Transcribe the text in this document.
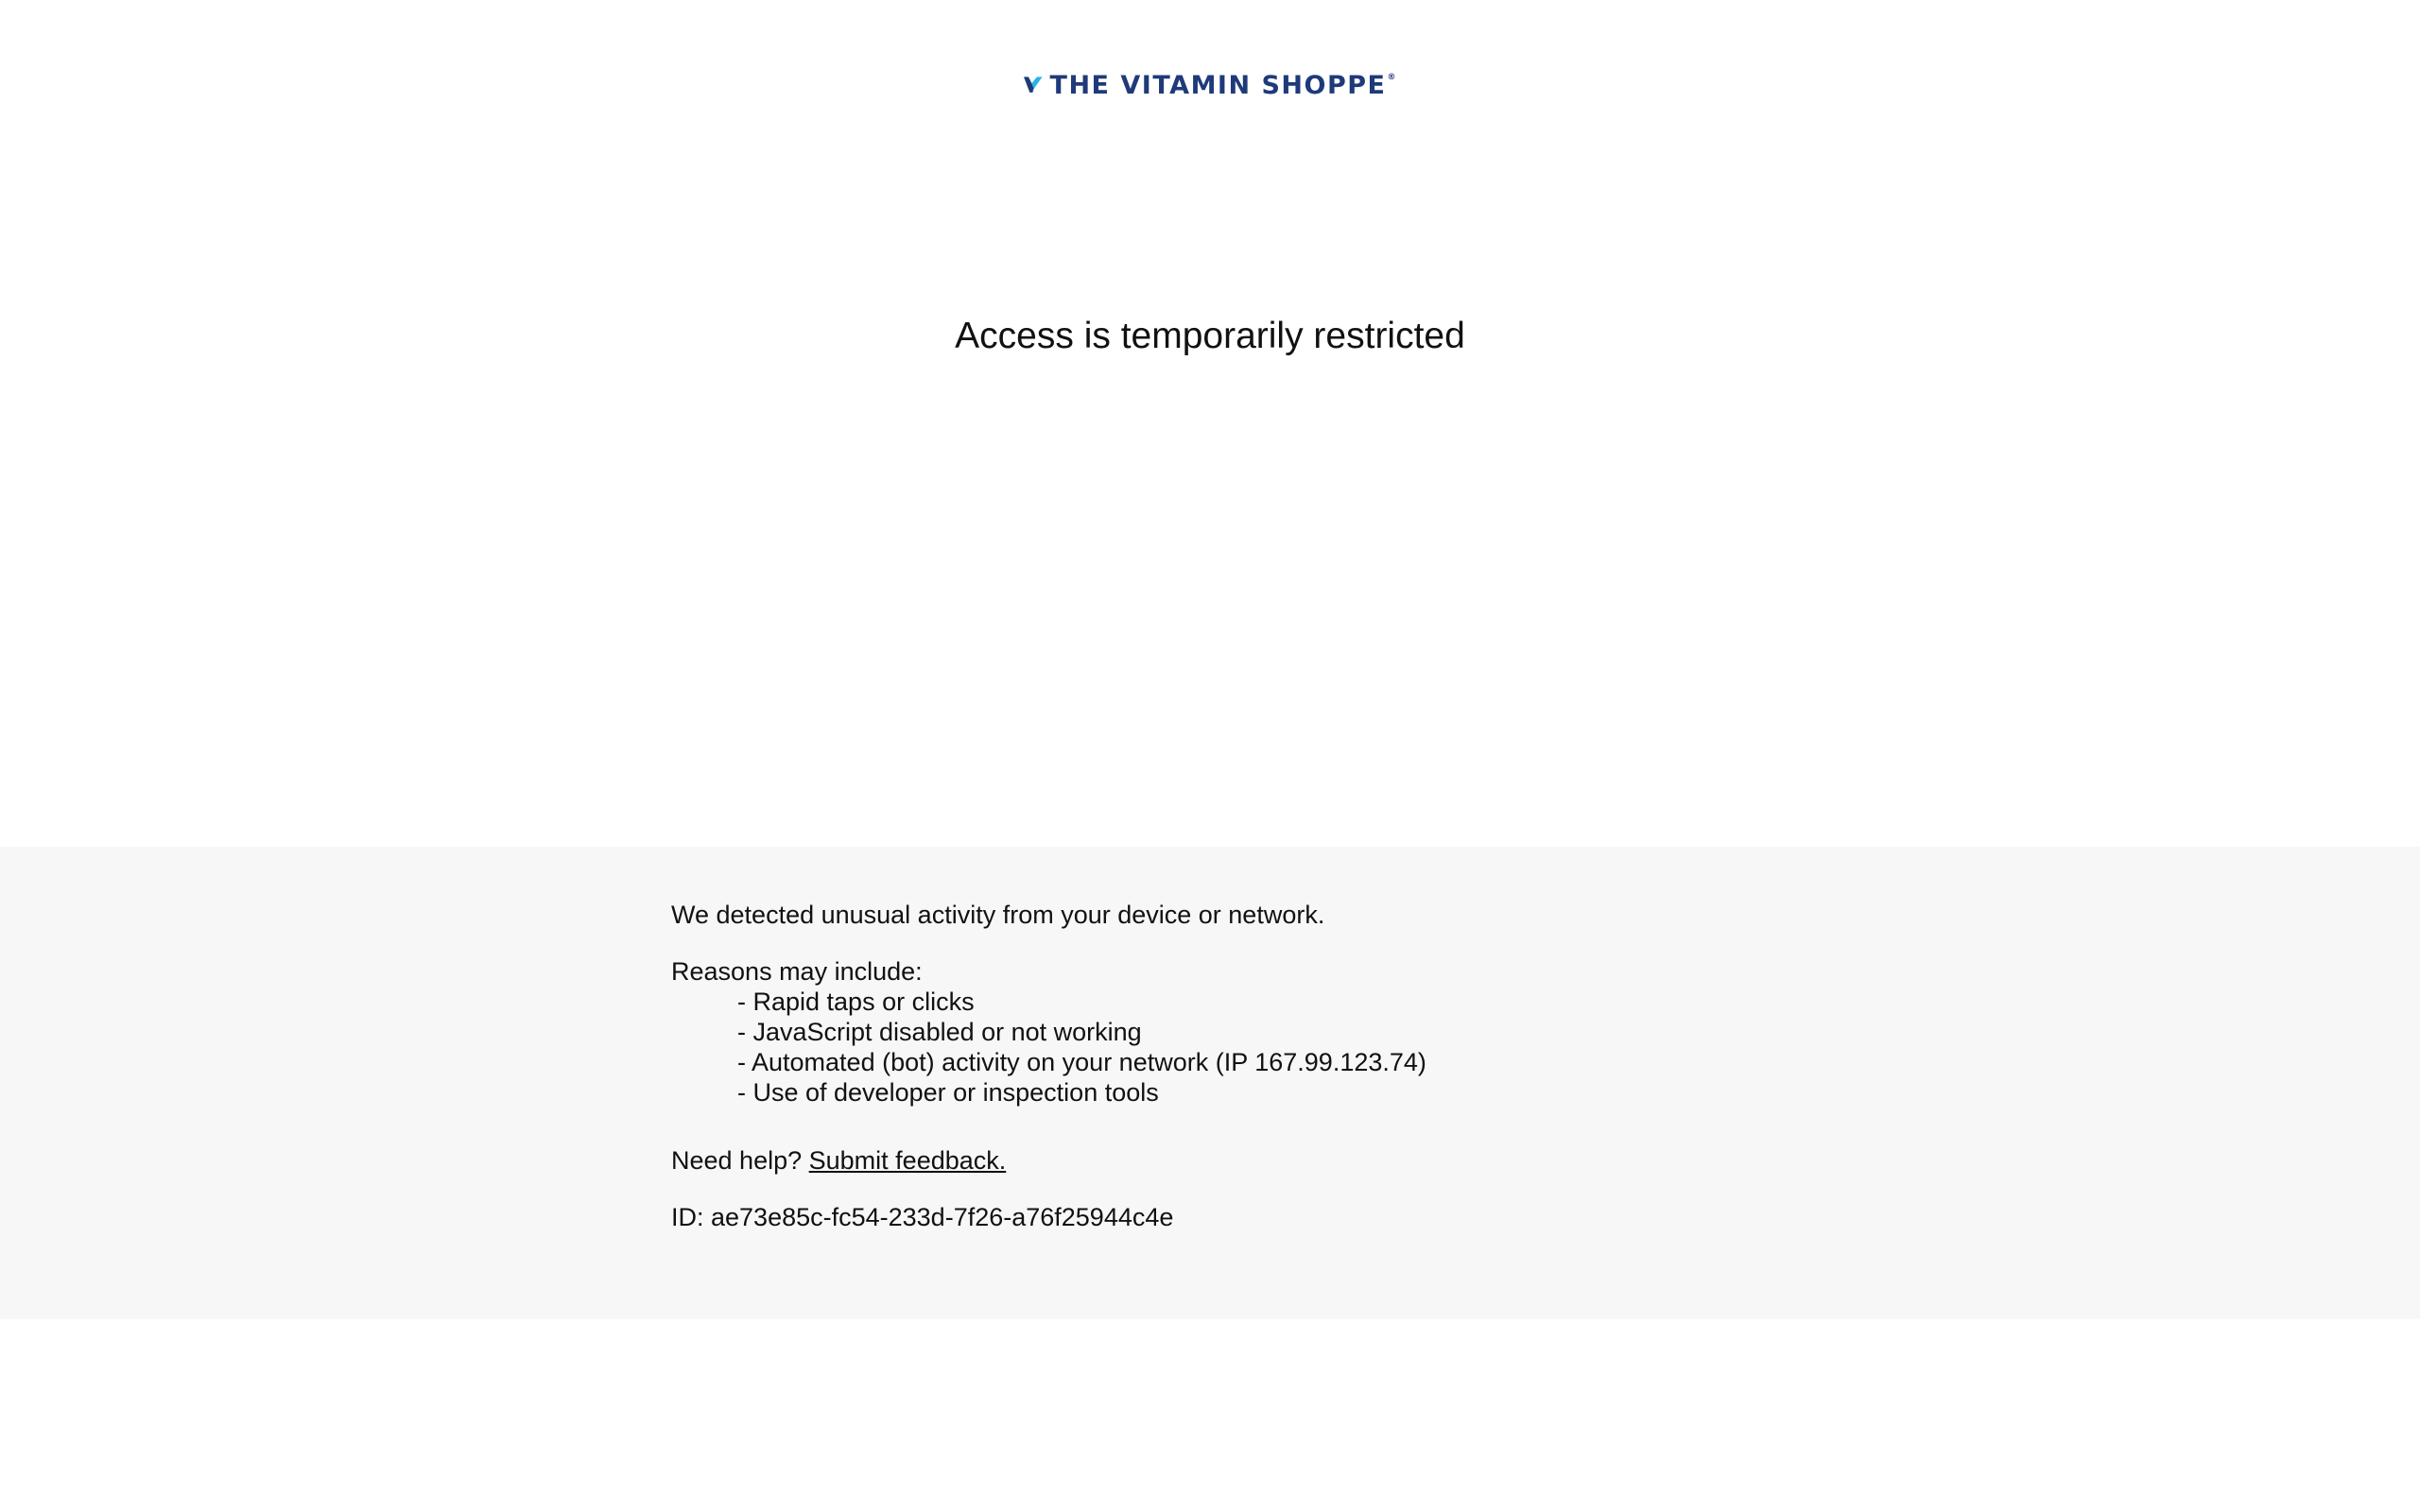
THE VITAMIN SHOPPE®
Access is temporarily restricted
We detected unusual activity from your device or network.
Reasons may include:
- Rapid taps or clicks
- JavaScript disabled or not working
- Automated (bot) activity on your network (IP 167.99.123.74)
- Use of developer or inspection tools
Need help? Submit feedback.
ID: ae73e85c-fc54-233d-7f26-a76f25944c4e
